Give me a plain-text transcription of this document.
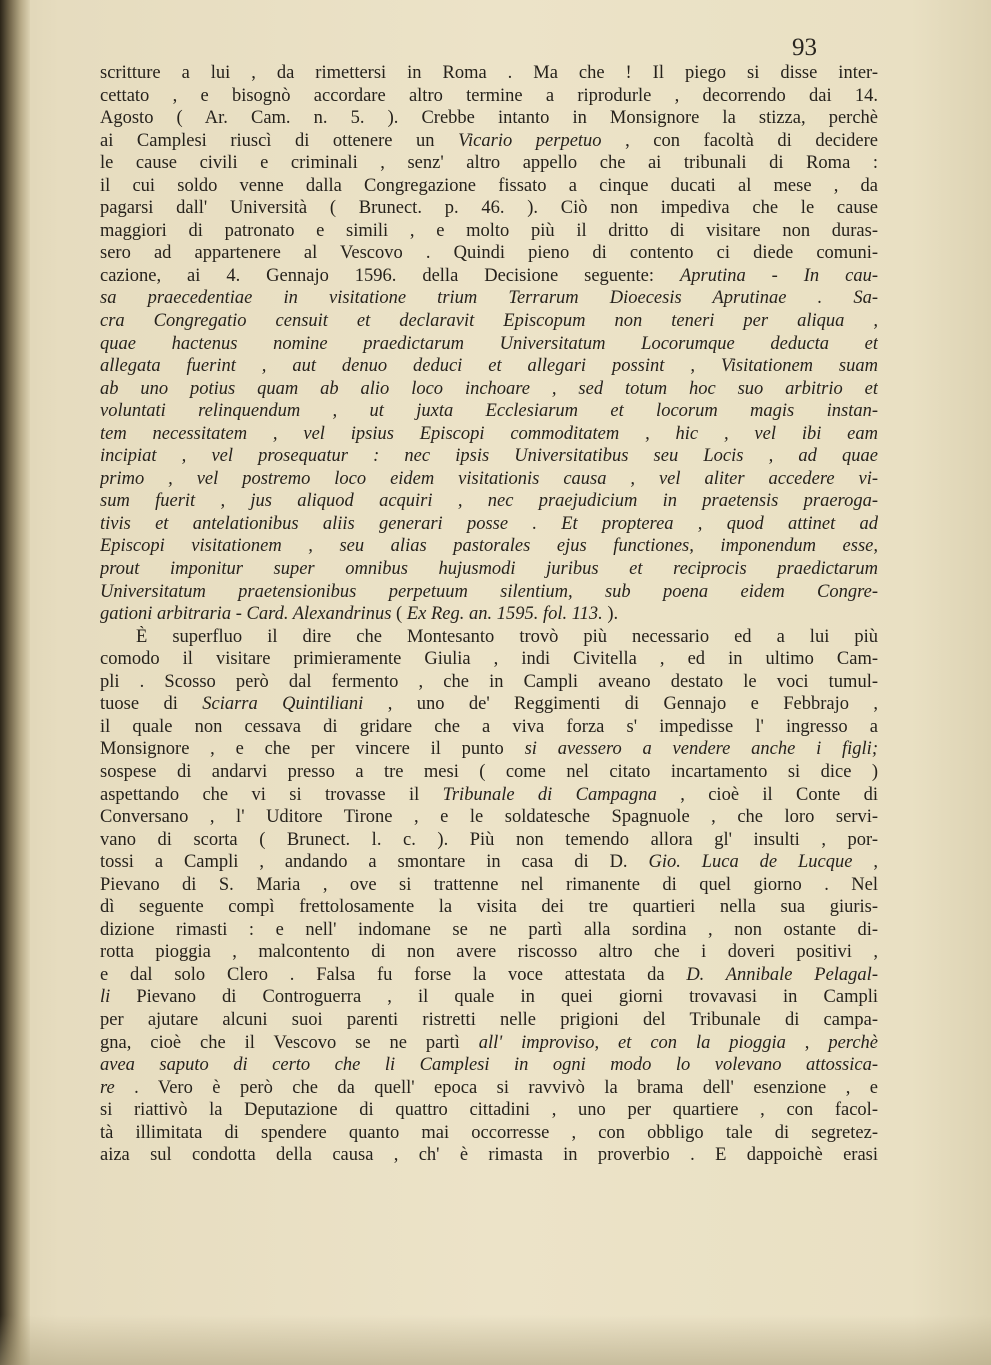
93
scritture a lui , da rimettersi in Roma . Ma che ! Il piego si disse inter-
cettato , e bisognò accordare altro termine a riprodurle , decorrendo dai 14.
Agosto ( Ar. Cam. n. 5. ). Crebbe intanto in Monsignore la stizza, perchè
ai Camplesi riuscì di ottenere un Vicario perpetuo , con facoltà di decidere
le cause civili e criminali , senz' altro appello che ai tribunali di Roma :
il cui soldo venne dalla Congregazione fissato a cinque ducati al mese , da
pagarsi dall' Università ( Brunect. p. 46. ). Ciò non impediva che le cause
maggiori di patronato e simili , e molto più il dritto di visitare non duras-
sero ad appartenere al Vescovo . Quindi pieno di contento ci diede comuni-
cazione, ai 4. Gennajo 1596. della Decisione seguente: Aprutina - In cau-
sa praecedentiae in visitatione trium Terrarum Dioecesis Aprutinae . Sa-
cra Congregatio censuit et declaravit Episcopum non teneri per aliqua ,
quae hactenus nomine praedictarum Universitatum Locorumque deducta et
allegata fuerint , aut denuo deduci et allegari possint , Visitationem suam
ab uno potius quam ab alio loco inchoare , sed totum hoc suo arbitrio et
voluntati relinquendum , ut juxta Ecclesiarum et locorum magis instan-
tem necessitatem , vel ipsius Episcopi commoditatem , hic , vel ibi eam
incipiat , vel prosequatur : nec ipsis Universitatibus seu Locis , ad quae
primo , vel postremo loco eidem visitationis causa , vel aliter accedere vi-
sum fuerit , jus aliquod acquiri , nec praejudicium in praetensis praeroga-
tivis et antelationibus aliis generari posse . Et propterea , quod attinet ad
Episcopi visitationem , seu alias pastorales ejus functiones, imponendum esse,
prout imponitur super omnibus hujusmodi juribus et reciprocis praedictarum
Universitatum praetensionibus perpetuum silentium, sub poena eidem Congre-
gationi arbitraria - Card. Alexandrinus ( Ex Reg. an. 1595. fol. 113. ).
È superfluo il dire che Montesanto trovò più necessario ed a lui più
comodo il visitare primieramente Giulia , indi Civitella , ed in ultimo Cam-
pli . Scosso però dal fermento , che in Campli aveano destato le voci tumul-
tuose di Sciarra Quintiliani , uno de' Reggimenti di Gennajo e Febbrajo ,
il quale non cessava di gridare che a viva forza s' impedisse l' ingresso a
Monsignore , e che per vincere il punto si avessero a vendere anche i figli;
sospese di andarvi presso a tre mesi ( come nel citato incartamento si dice )
aspettando che vi si trovasse il Tribunale di Campagna , cioè il Conte di
Conversano , l' Uditore Tirone , e le soldatesche Spagnuole , che loro servi-
vano di scorta ( Brunect. l. c. ). Più non temendo allora gl' insulti , por-
tossi a Campli , andando a smontare in casa di D. Gio. Luca de Lucque ,
Pievano di S. Maria , ove si trattenne nel rimanente di quel giorno . Nel
dì seguente compì frettolosamente la visita dei tre quartieri nella sua giuris-
dizione rimasti : e nell' indomane se ne partì alla sordina , non ostante di-
rotta pioggia , malcontento di non avere riscosso altro che i doveri positivi ,
e dal solo Clero . Falsa fu forse la voce attestata da D. Annibale Pelagal-
li Pievano di Controguerra , il quale in quei giorni trovavasi in Campli
per ajutare alcuni suoi parenti ristretti nelle prigioni del Tribunale di campa-
gna, cioè che il Vescovo se ne partì all' improviso, et con la pioggia , perchè
avea saputo di certo che li Camplesi in ogni modo lo volevano attossica-
re . Vero è però che da quell' epoca si ravvivò la brama dell' esenzione , e
si riattivò la Deputazione di quattro cittadini , uno per quartiere , con facol-
tà illimitata di spendere quanto mai occorresse , con obbligo tale di segretez-
aiza sul condotta della causa , ch' è rimasta in proverbio . E dappoichè erasi
